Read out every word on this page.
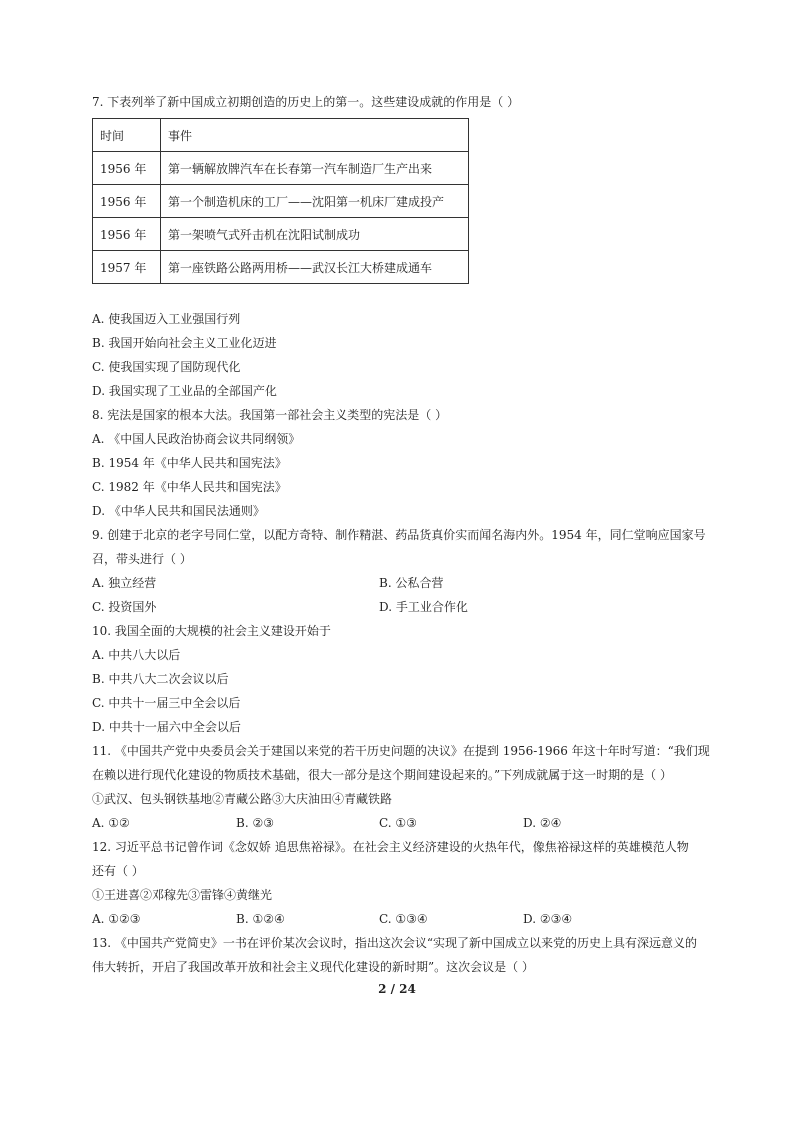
7. 下表列举了新中国成立初期创造的历史上的第一。这些建设成就的作用是（ ）
时间	事件
1956 年	第一辆解放牌汽车在长春第一汽车制造厂生产出来
1956 年	第一个制造机床的工厂——沈阳第一机床厂建成投产
1956 年	第一架喷气式歼击机在沈阳试制成功
1957 年	第一座铁路公路两用桥——武汉长江大桥建成通车
A. 使我国迈入工业强国行列
B. 我国开始向社会主义工业化迈进
C. 使我国实现了国防现代化
D. 我国实现了工业品的全部国产化
8. 宪法是国家的根本大法。我国第一部社会主义类型的宪法是（ ）
A. 《中国人民政治协商会议共同纲领》
B. 1954 年《中华人民共和国宪法》
C. 1982 年《中华人民共和国宪法》
D. 《中华人民共和国民法通则》
9. 创建于北京的老字号同仁堂，以配方奇特、制作精湛、药品货真价实而闻名海内外。1954 年，同仁堂响应国家号
召，带头进行（ ）
A. 独立经营	B. 公私合营
C. 投资国外	D. 手工业合作化
10. 我国全面的大规模的社会主义建设开始于
A. 中共八大以后
B. 中共八大二次会议以后
C. 中共十一届三中全会以后
D. 中共十一届六中全会以后
11. 《中国共产党中央委员会关于建国以来党的若干历史问题的决议》在提到 1956-1966 年这十年时写道：“我们现
在赖以进行现代化建设的物质技术基础，很大一部分是这个期间建设起来的。”下列成就属于这一时期的是（ ）
①武汉、包头钢铁基地②青藏公路③大庆油田④青藏铁路
A. ①②	B. ②③	C. ①③	D. ②④
12. 习近平总书记曾作词《念奴娇 追思焦裕禄》。在社会主义经济建设的火热年代，像焦裕禄这样的英雄模范人物
还有（ ）
①王进喜②邓稼先③雷锋④黄继光
A. ①②③	B. ①②④	C. ①③④	D. ②③④
13. 《中国共产党简史》一书在评价某次会议时，指出这次会议“实现了新中国成立以来党的历史上具有深远意义的
伟大转折，开启了我国改革开放和社会主义现代化建设的新时期”。这次会议是（ ）
2 / 24
